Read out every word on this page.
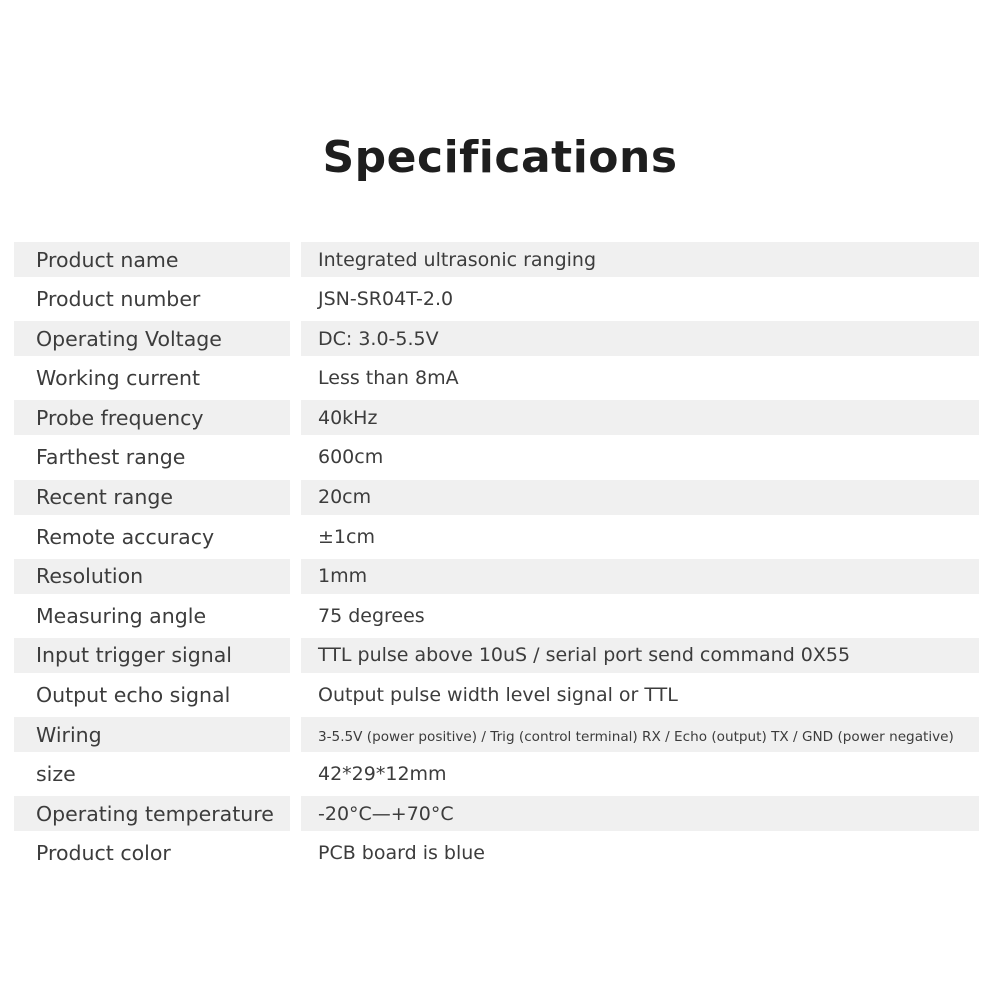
Specifications
Product name	Integrated ultrasonic ranging
Product number	JSN-SR04T-2.0
Operating Voltage	DC: 3.0-5.5V
Working current	Less than 8mA
Probe frequency	40kHz
Farthest range	600cm
Recent range	20cm
Remote accuracy	±1cm
Resolution	1mm
Measuring angle	75 degrees
Input trigger signal	TTL pulse above 10uS / serial port send command 0X55
Output echo signal	Output pulse width level signal or TTL
Wiring	3-5.5V (power positive) / Trig (control terminal) RX / Echo (output) TX / GND (power negative)
size	42*29*12mm
Operating temperature	-20°C—+70°C
Product color	PCB board is blue
